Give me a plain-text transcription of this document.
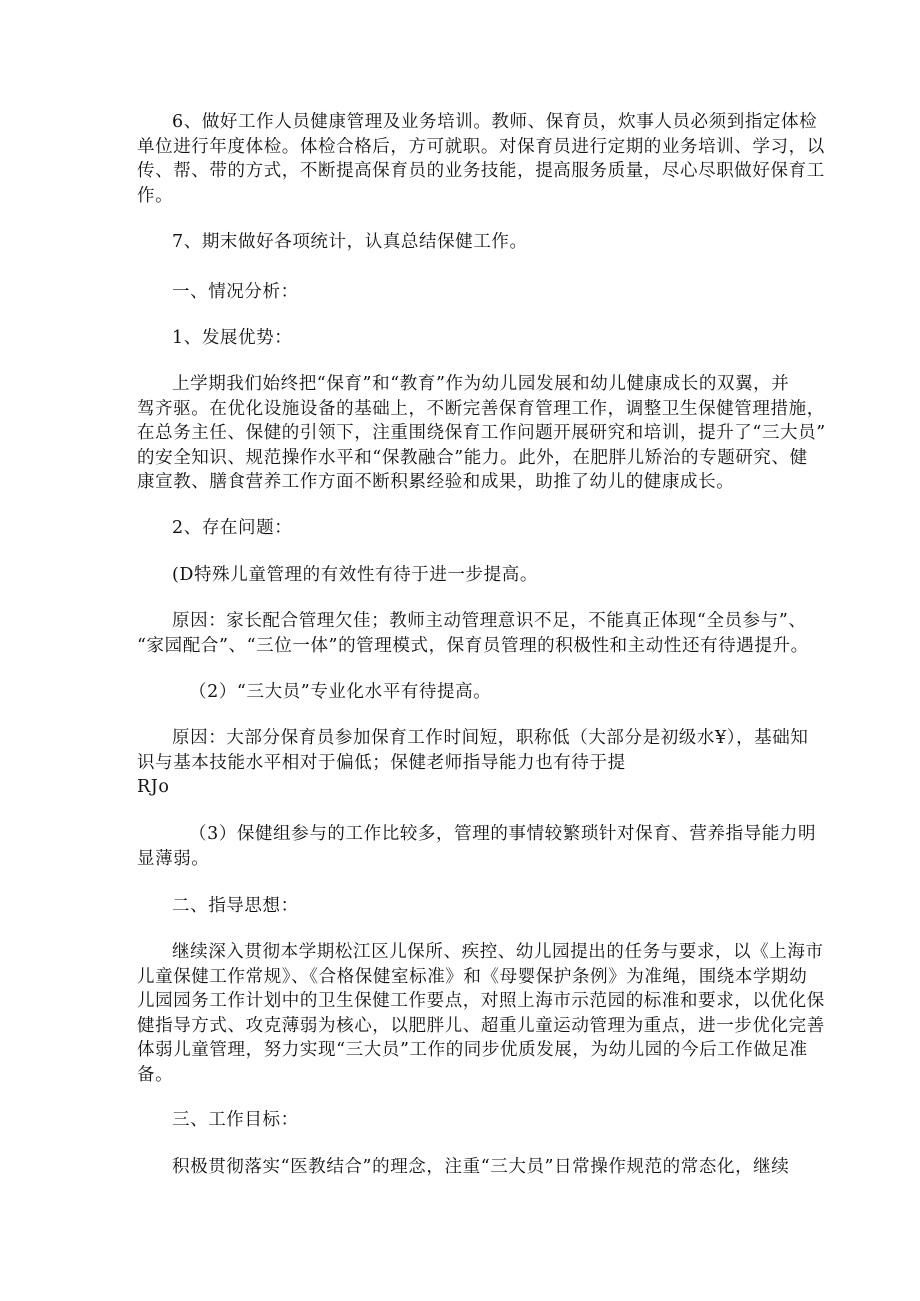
6、做好工作人员健康管理及业务培训。教师、保育员，炊事人员必须到指定体检
单位进行年度体检。体检合格后，方可就职。对保育员进行定期的业务培训、学习，以
传、帮、带的方式，不断提高保育员的业务技能，提高服务质量，尽心尽职做好保育工
作。
7、期末做好各项统计，认真总结保健工作。
一、情况分析：
1、发展优势：
上学期我们始终把“保育”和“教育”作为幼儿园发展和幼儿健康成长的双翼，并
驾齐驱。在优化设施设备的基础上，不断完善保育管理工作，调整卫生保健管理措施，
在总务主任、保健的引领下，注重围绕保育工作问题开展研究和培训，提升了“三大员”
的安全知识、规范操作水平和“保教融合”能力。此外，在肥胖儿矫治的专题研究、健
康宣教、膳食营养工作方面不断积累经验和成果，助推了幼儿的健康成长。
2、存在问题：
(D特殊儿童管理的有效性有待于进一步提高。
原因：家长配合管理欠佳；教师主动管理意识不足，不能真正体现“全员参与”、
“家园配合”、“三位一体”的管理模式，保育员管理的积极性和主动性还有待遇提升。
（2）“三大员”专业化水平有待提高。
原因：大部分保育员参加保育工作时间短，职称低（大部分是初级水¥），基础知
识与基本技能水平相对于偏低；保健老师指导能力也有待于提
RJo
（3）保健组参与的工作比较多，管理的事情较繁琐针对保育、营养指导能力明
显薄弱。
二、指导思想：
继续深入贯彻本学期松江区儿保所、疾控、幼儿园提出的任务与要求，以《上海市
儿童保健工作常规》、《合格保健室标准》和《母婴保护条例》为准绳，围绕本学期幼
儿园园务工作计划中的卫生保健工作要点，对照上海市示范园的标准和要求，以优化保
健指导方式、攻克薄弱为核心，以肥胖儿、超重儿童运动管理为重点，进一步优化完善
体弱儿童管理，努力实现“三大员”工作的同步优质发展，为幼儿园的今后工作做足准
备。
三、工作目标：
积极贯彻落实“医教结合”的理念，注重“三大员”日常操作规范的常态化，继续
